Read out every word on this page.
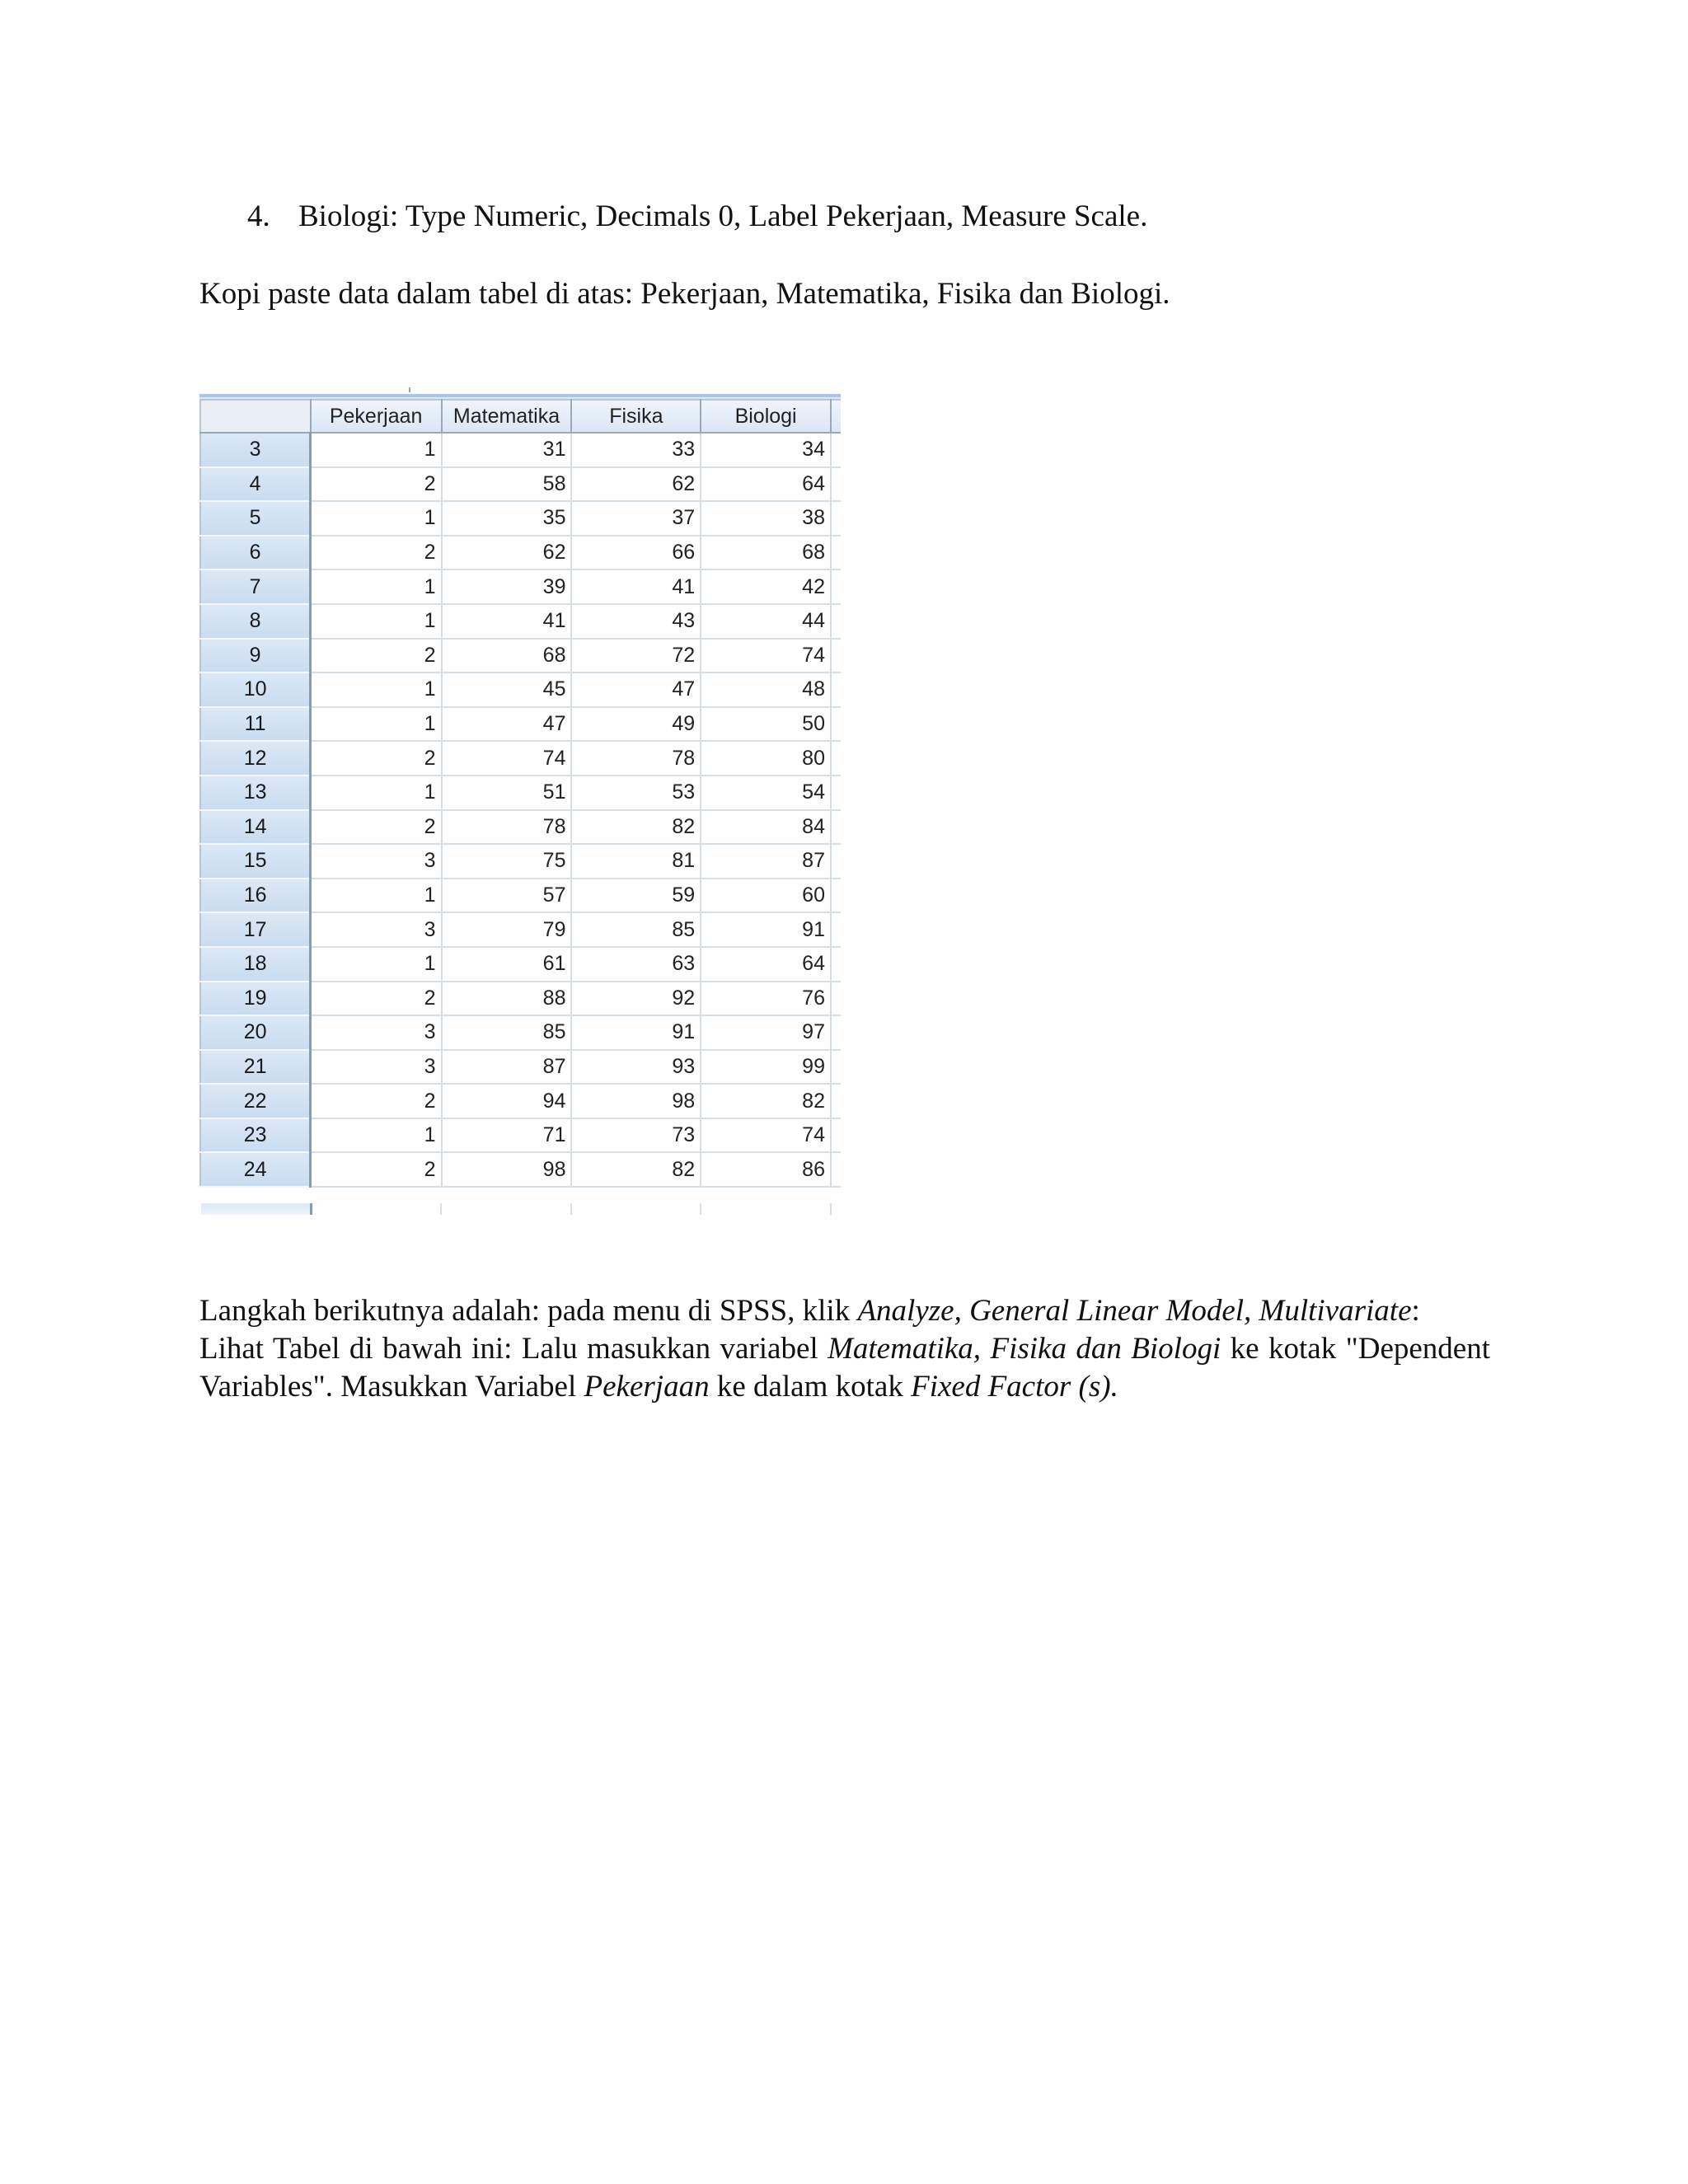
4. Biologi: Type Numeric, Decimals 0, Label Pekerjaan, Measure Scale.
Kopi paste data dalam tabel di atas: Pekerjaan, Matematika, Fisika dan Biologi.
	Pekerjaan	Matematika	Fisika	Biologi	
3	1	31	33	34	
4	2	58	62	64	
5	1	35	37	38	
6	2	62	66	68	
7	1	39	41	42	
8	1	41	43	44	
9	2	68	72	74	
10	1	45	47	48	
11	1	47	49	50	
12	2	74	78	80	
13	1	51	53	54	
14	2	78	82	84	
15	3	75	81	87	
16	1	57	59	60	
17	3	79	85	91	
18	1	61	63	64	
19	2	88	92	76	
20	3	85	91	97	
21	3	87	93	99	
22	2	94	98	82	
23	1	71	73	74	
24	2	98	82	86	

Langkah berikutnya adalah: pada menu di SPSS, klik Analyze, General Linear Model, Multivariate:

Lihat Tabel di bawah ini: Lalu masukkan variabel Matematika, Fisika dan Biologi ke kotak "Dependent Variables". Masukkan Variabel Pekerjaan ke dalam kotak Fixed Factor (s).
